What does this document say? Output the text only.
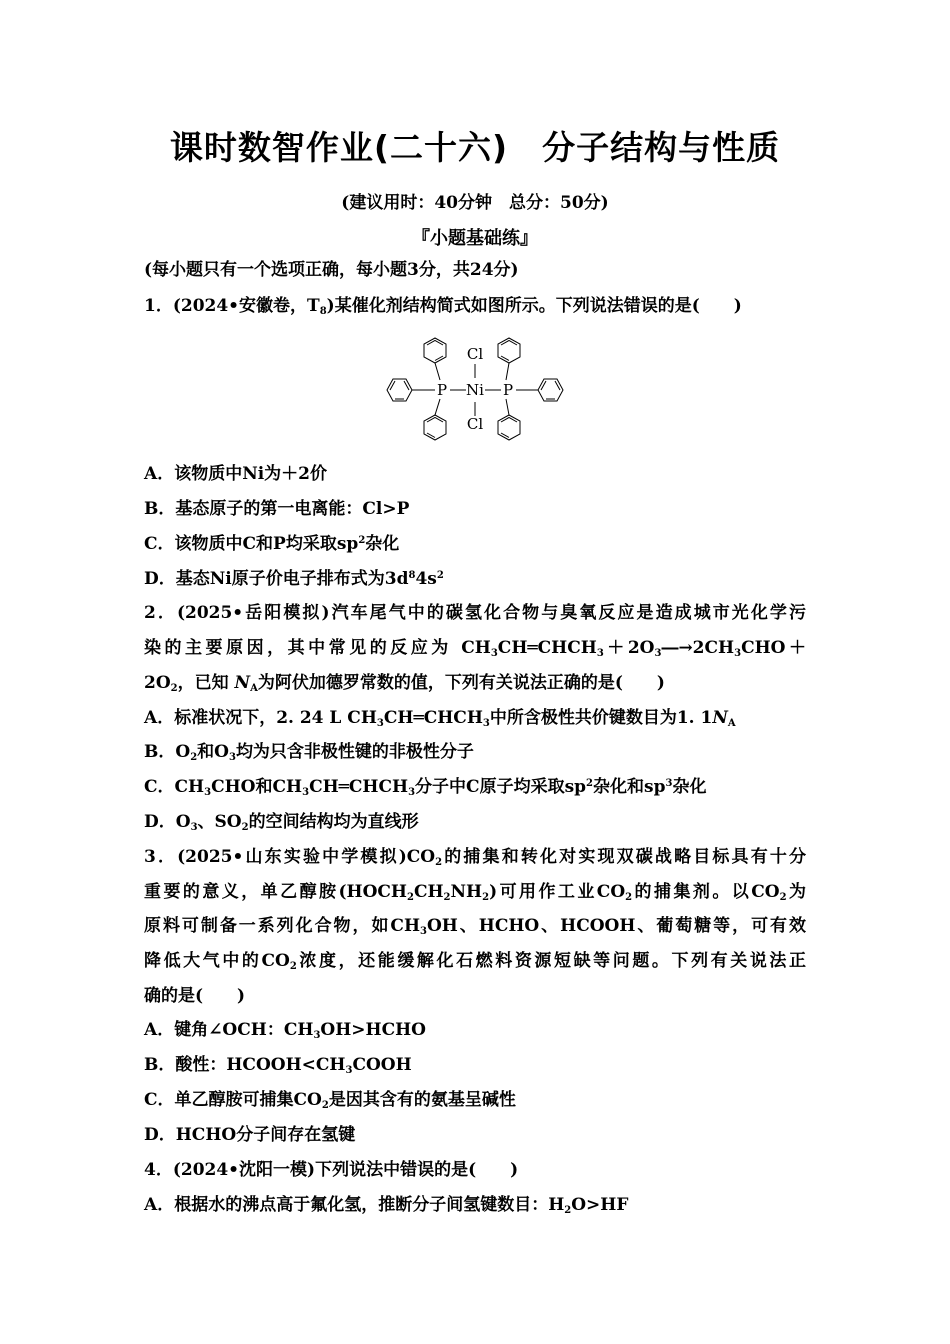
课时数智作业(二十六)　分子结构与性质
(建议用时：40分钟　总分：50分)
『小题基础练』
(每小题只有一个选项正确，每小题3分，共24分)
1．(2024•安徽卷，$T_8$)某催化剂结构简式如图所示。下列说法错误的是(　　)
Cl
P Ni P
Cl
A．该物质中Ni为＋2价
B．基态原子的第一电离能：Cl>P
C．该物质中C和P均采取$sp^2$杂化
D．基态Ni原子价电子排布式为$3d^84s^2$
2．(2025•岳阳模拟)汽车尾气中的碳氢化合物与臭氧反应是造成城市光化学污
染的主要原因，其中常见的反应为 $CH_3CH═CHCH_3+2O_3―\to 2CH_3CHO+$
$2O_2$，已知 $N_A$为阿伏加德罗常数的值，下列有关说法正确的是(　　)
A．标准状况下，2. 24 L $CH_3CH═CHCH_3$中所含极性共价键数目为1. $1N_A$
B．$O_2$和$O_3$均为只含非极性键的非极性分子
C．$CH_3CHO$和$CH_3CH═CHCH_3$分子中C原子均采取$sp^2$杂化和$sp^3$杂化
D．$O_3$、$SO_2$的空间结构均为直线形
3．(2025•山东实验中学模拟)$CO_2$的捕集和转化对实现双碳战略目标具有十分
重要的意义，单乙醇胺$(HOCH_2CH_2NH_2)$可用作工业$CO_2$的捕集剂。以$CO_2$为
原料可制备一系列化合物，如$CH_3OH$、HCHO、HCOOH、葡萄糖等，可有效
降低大气中的$CO_2$浓度，还能缓解化石燃料资源短缺等问题。下列有关说法正
确的是(　　)
A．键角∠OCH：$CH_3OH>HCHO$
B．酸性：$HCOOH<CH_3COOH$
C．单乙醇胺可捕集$CO_2$是因其含有的氨基呈碱性
D．HCHO分子间存在氢键
4．(2024•沈阳一模)下列说法中错误的是(　　)
A．根据水的沸点高于氟化氢，推断分子间氢键数目：$H_2O>HF$
